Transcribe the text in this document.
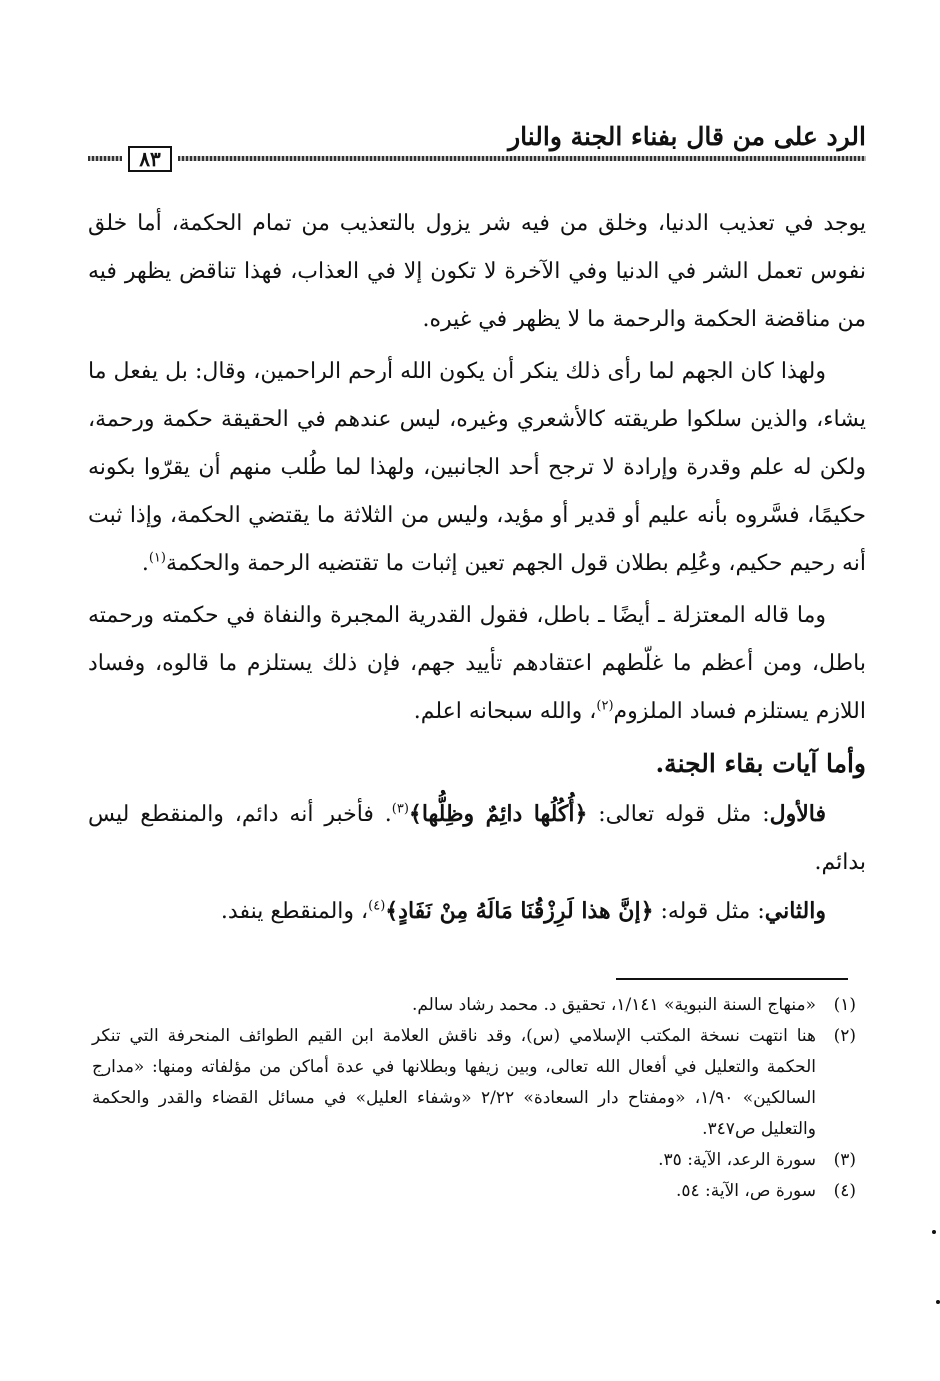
الرد على من قال بفناء الجنة والنار
٨٣

يوجد في تعذيب الدنيا، وخلق من فيه شر يزول بالتعذيب من تمام الحكمة، أما خلق نفوس تعمل الشر في الدنيا وفي الآخرة لا تكون إلا في العذاب، فهذا تناقض يظهر فيه من مناقضة الحكمة والرحمة ما لا يظهر في غيره.

ولهذا كان الجهم لما رأى ذلك ينكر أن يكون الله أرحم الراحمين، وقال: بل يفعل ما يشاء، والذين سلكوا طريقته كالأشعري وغيره، ليس عندهم في الحقيقة حكمة ورحمة، ولكن له علم وقدرة وإرادة لا ترجح أحد الجانبين، ولهذا لما طُلب منهم أن يقرّوا بكونه حكيمًا، فسَّروه بأنه عليم أو قدير أو مؤيد، وليس من الثلاثة ما يقتضي الحكمة، وإذا ثبت أنه رحيم حكيم، وعُلِم بطلان قول الجهم تعين إثبات ما تقتضيه الرحمة والحكمة$^{(١)}$.

وما قاله المعتزلة ـ أيضًا ـ باطل، فقول القدرية المجبرة والنفاة في حكمته ورحمته باطل، ومن أعظم ما غلّطهم اعتقادهم تأييد جهم، فإن ذلك يستلزم ما قالوه، وفساد اللازم يستلزم فساد الملزوم$^{(٢)}$، والله سبحانه اعلم.

وأما آيات بقاء الجنة.

فالأول: مثل قوله تعالى: ﴿أُكُلُها دائِمٌ وظِلُّها﴾$^{(٣)}$. فأخبر أنه دائم، والمنقطع ليس بدائم.

والثاني: مثل قوله: ﴿إنَّ هذا لَرِزْقُنَا مَالَهُ مِنْ نَفَادٍ﴾$^{(٤)}$، والمنقطع ينفد.

(١)
«منهاج السنة النبوية» ١/١٤١، تحقيق د. محمد رشاد سالم.
(٢)
هنا انتهت نسخة المكتب الإسلامي (س)، وقد ناقش العلامة ابن القيم الطوائف المنحرفة التي تنكر الحكمة والتعليل في أفعال الله تعالى، وبين زيفها وبطلانها في عدة أماكن من مؤلفاته ومنها: «مدارج السالكين» ١/٩٠، «ومفتاح دار السعادة» ٢/٢٢ «وشفاء العليل» في مسائل القضاء والقدر والحكمة والتعليل ص٣٤٧.
(٣)
سورة الرعد، الآية: ٣٥.
(٤)
سورة ص، الآية: ٥٤.
